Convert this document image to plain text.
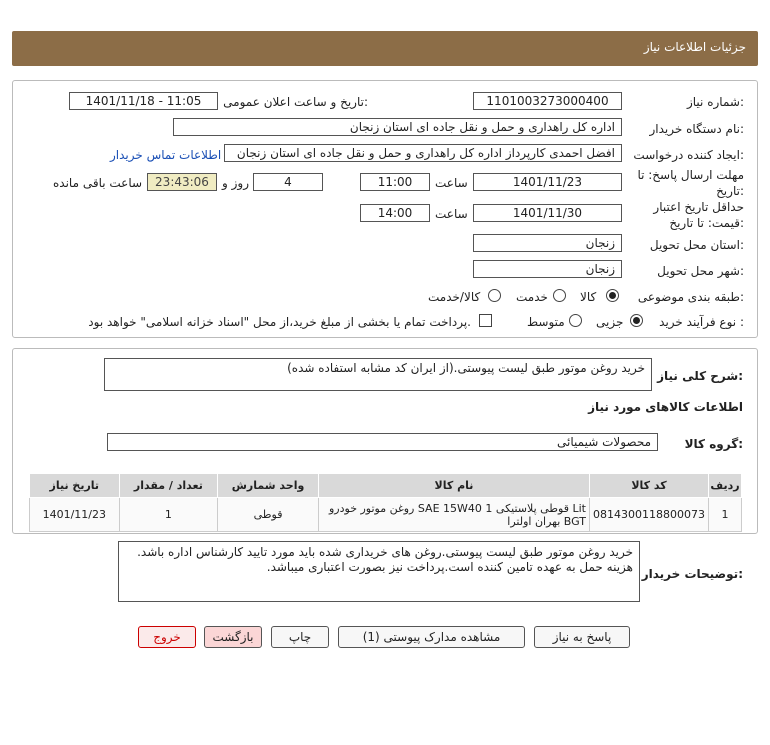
جزئیات اطلاعات نیاز
شماره نیاز:
1101003273000400
تاریخ و ساعت اعلان عمومی:
1401/11/18 - 11:05
نام دستگاه خریدار:
اداره کل راهداری و حمل و نقل جاده ای استان زنجان
ایجاد کننده درخواست:
افضل احمدی کارپرداز اداره کل راهداری و حمل و نقل جاده ای استان زنجان
اطلاعات تماس خریدار
مهلت ارسال پاسخ: تا
تاریخ:
1401/11/23
ساعت
11:00
4
روز و
23:43:06
ساعت باقی مانده
حداقل تاریخ اعتبار
قیمت: تا تاریخ:
1401/11/30
ساعت
14:00
استان محل تحویل:
زنجان
شهر محل تحویل:
زنجان
طبقه بندی موضوعی:
کالا
خدمت
کالا/خدمت
نوع فرآیند خرید :
جزیی
متوسط
پرداخت تمام یا بخشی از مبلغ خرید،از محل "اسناد خزانه اسلامی" خواهد بود.
شرح کلی نیاز:
خرید روغن موتور طبق لیست پیوستی.(از ایران کد مشابه استفاده شده)
اطلاعات کالاهای مورد نیاز
گروه کالا:
محصولات شیمیائی
تاریخ نیاز	تعداد / مقدار	واحد شمارش	نام کالا	کد کالا	ردیف
1401/11/23	1	قوطی	روغن موتور خودرو SAE 15W40 قوطی پلاستیکی 1 Lit بهران اولترا BGT	0814300118800073	1
توضیحات خریدار:
خرید روغن موتور طبق لیست پیوستی.روغن های خریداری شده باید مورد تایید کارشناس اداره باشد. هزینه حمل به عهده تامین کننده است.پرداخت نیز بصورت اعتباری میباشد.
پاسخ به نیاز
مشاهده مدارک پیوستی (1)
چاپ
بازگشت
خروج
